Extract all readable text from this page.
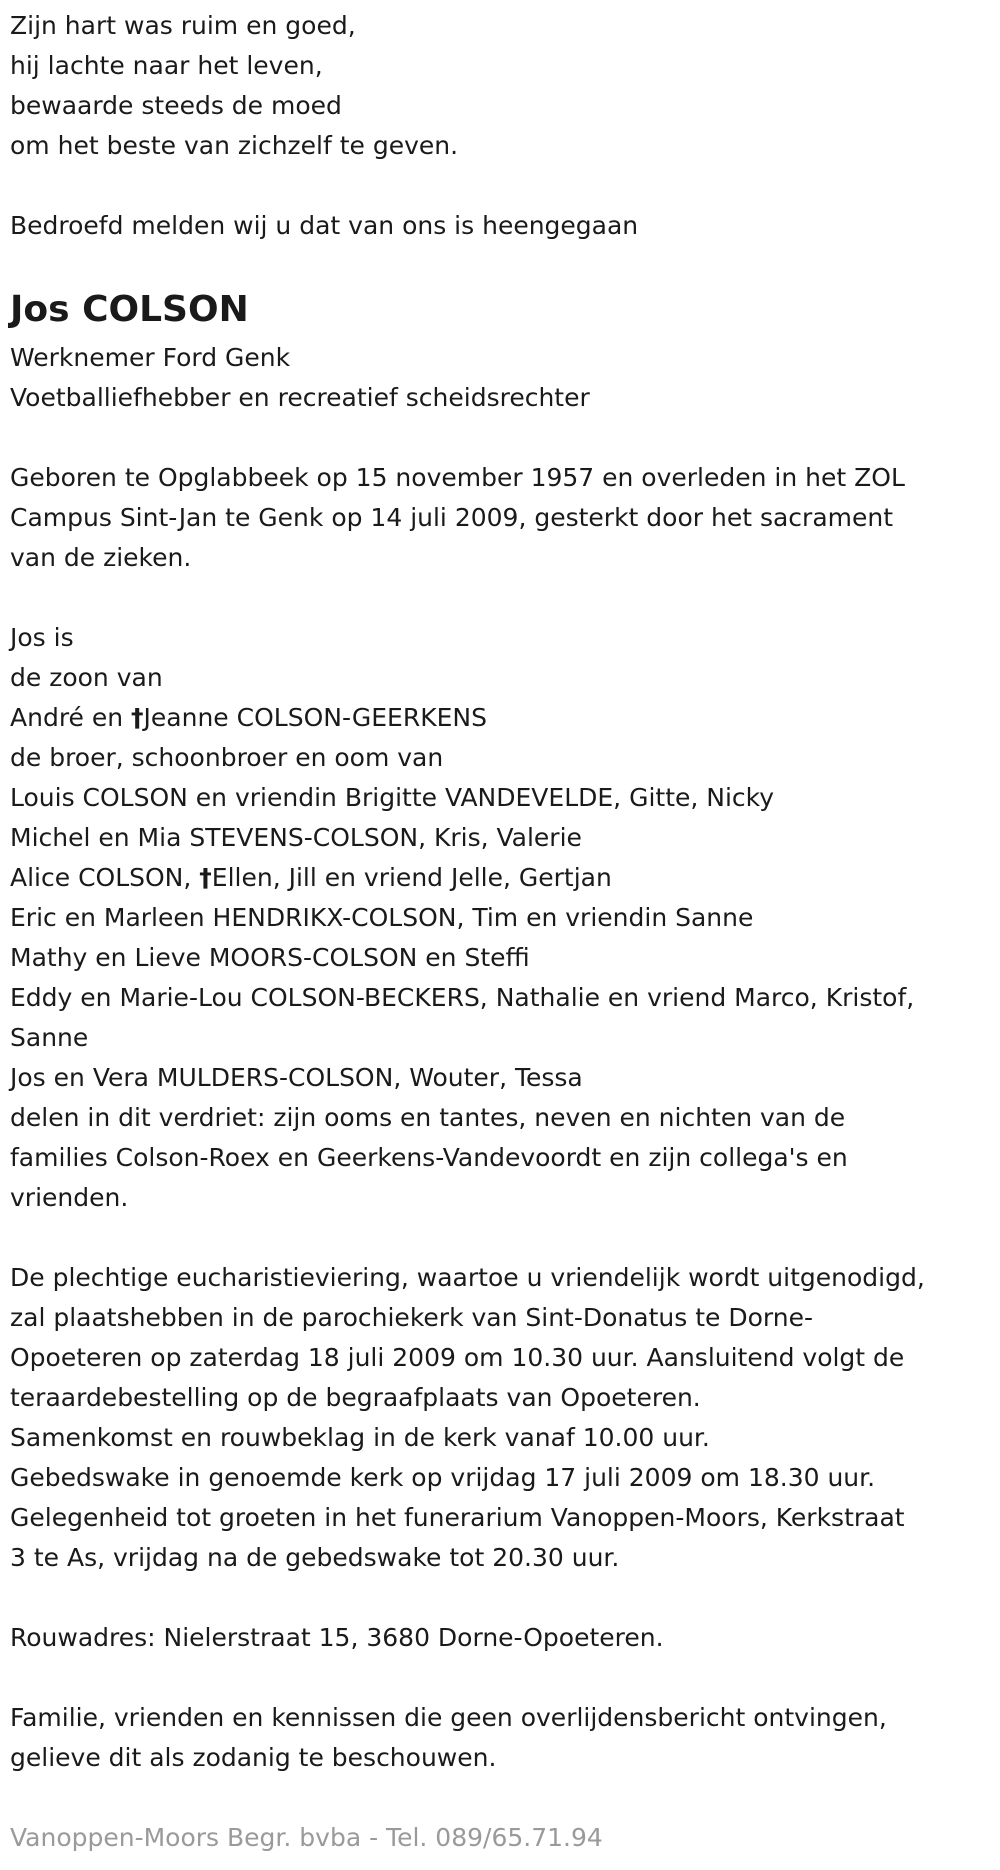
Zijn hart was ruim en goed,
hij lachte naar het leven,
bewaarde steeds de moed
om het beste van zichzelf te geven.
Bedroefd melden wij u dat van ons is heengegaan
Jos COLSON
Werknemer Ford Genk
Voetballiefhebber en recreatief scheidsrechter
Geboren te Opglabbeek op 15 november 1957 en overleden in het ZOL
Campus Sint-Jan te Genk op 14 juli 2009, gesterkt door het sacrament
van de zieken.
Jos is
de zoon van
André en †Jeanne COLSON-GEERKENS
de broer, schoonbroer en oom van
Louis COLSON en vriendin Brigitte VANDEVELDE, Gitte, Nicky
Michel en Mia STEVENS-COLSON, Kris, Valerie
Alice COLSON, †Ellen, Jill en vriend Jelle, Gertjan
Eric en Marleen HENDRIKX-COLSON, Tim en vriendin Sanne
Mathy en Lieve MOORS-COLSON en Steffi
Eddy en Marie-Lou COLSON-BECKERS, Nathalie en vriend Marco, Kristof,
Sanne
Jos en Vera MULDERS-COLSON, Wouter, Tessa
delen in dit verdriet: zijn ooms en tantes, neven en nichten van de
families Colson-Roex en Geerkens-Vandevoordt en zijn collega's en
vrienden.
De plechtige eucharistieviering, waartoe u vriendelijk wordt uitgenodigd,
zal plaatshebben in de parochiekerk van Sint-Donatus te Dorne-
Opoeteren op zaterdag 18 juli 2009 om 10.30 uur. Aansluitend volgt de
teraardebestelling op de begraafplaats van Opoeteren.
Samenkomst en rouwbeklag in de kerk vanaf 10.00 uur.
Gebedswake in genoemde kerk op vrijdag 17 juli 2009 om 18.30 uur.
Gelegenheid tot groeten in het funerarium Vanoppen-Moors, Kerkstraat
3 te As, vrijdag na de gebedswake tot 20.30 uur.
Rouwadres: Nielerstraat 15, 3680 Dorne-Opoeteren.
Familie, vrienden en kennissen die geen overlijdensbericht ontvingen,
gelieve dit als zodanig te beschouwen.
Vanoppen-Moors Begr. bvba - Tel. 089/65.71.94
